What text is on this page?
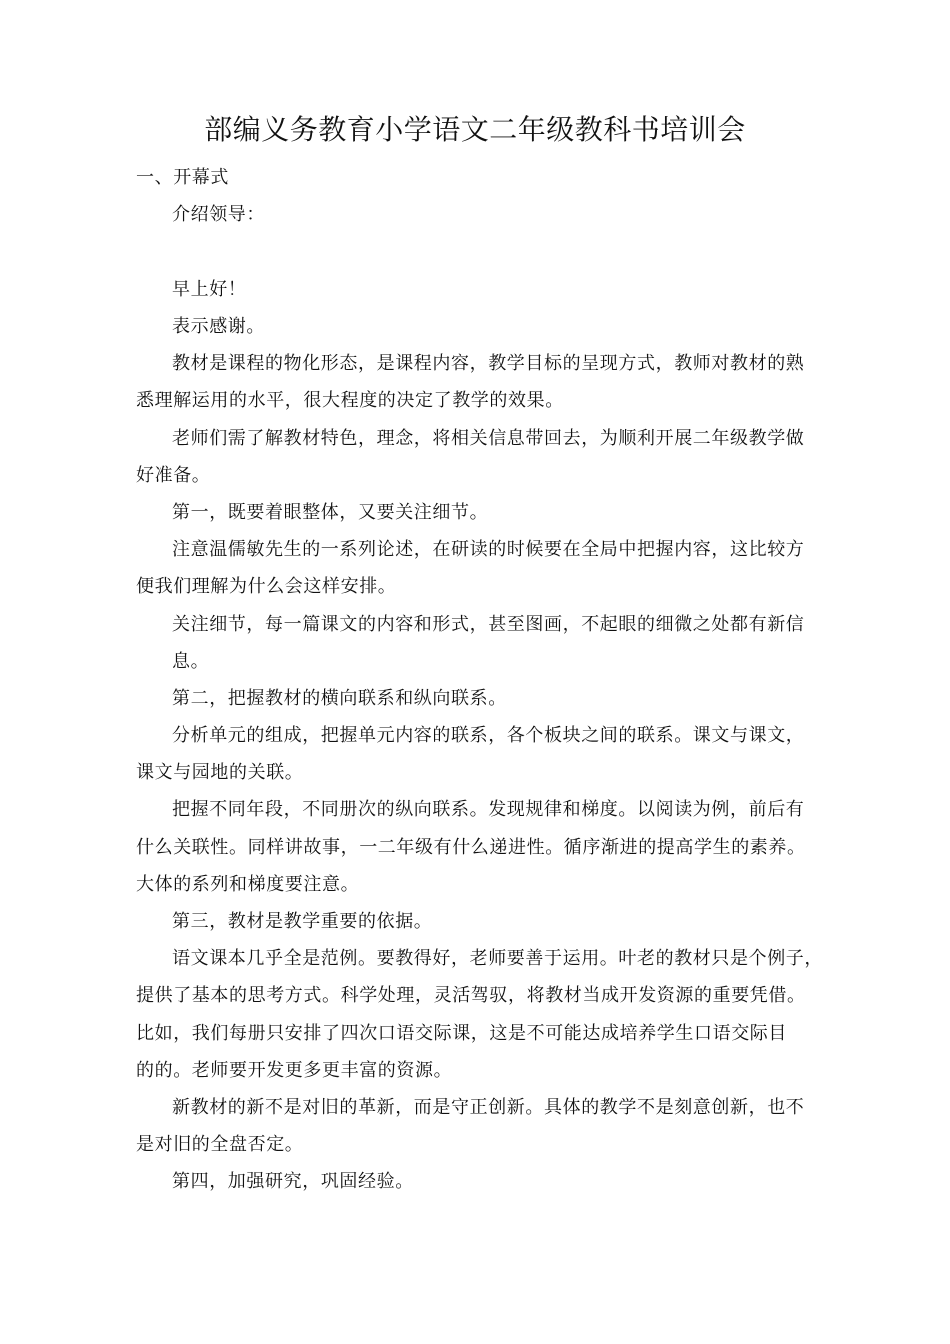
部编义务教育小学语文二年级教科书培训会
一、开幕式
介绍领导：
早上好！
表示感谢。
教材是课程的物化形态，是课程内容，教学目标的呈现方式，教师对教材的熟
悉理解运用的水平，很大程度的决定了教学的效果。
老师们需了解教材特色，理念，将相关信息带回去，为顺利开展二年级教学做
好准备。
第一，既要着眼整体，又要关注细节。
注意温儒敏先生的一系列论述，在研读的时候要在全局中把握内容，这比较方
便我们理解为什么会这样安排。
关注细节，每一篇课文的内容和形式，甚至图画，不起眼的细微之处都有新信
息。
第二，把握教材的横向联系和纵向联系。
分析单元的组成，把握单元内容的联系，各个板块之间的联系。课文与课文，
课文与园地的关联。
把握不同年段，不同册次的纵向联系。发现规律和梯度。以阅读为例，前后有
什么关联性。同样讲故事，一二年级有什么递进性。循序渐进的提高学生的素养。
大体的系列和梯度要注意。
第三，教材是教学重要的依据。
语文课本几乎全是范例。要教得好，老师要善于运用。叶老的教材只是个例子，
提供了基本的思考方式。科学处理，灵活驾驭，将教材当成开发资源的重要凭借。
比如，我们每册只安排了四次口语交际课，这是不可能达成培养学生口语交际目
的的。老师要开发更多更丰富的资源。
新教材的新不是对旧的革新，而是守正创新。具体的教学不是刻意创新，也不
是对旧的全盘否定。
第四，加强研究，巩固经验。
